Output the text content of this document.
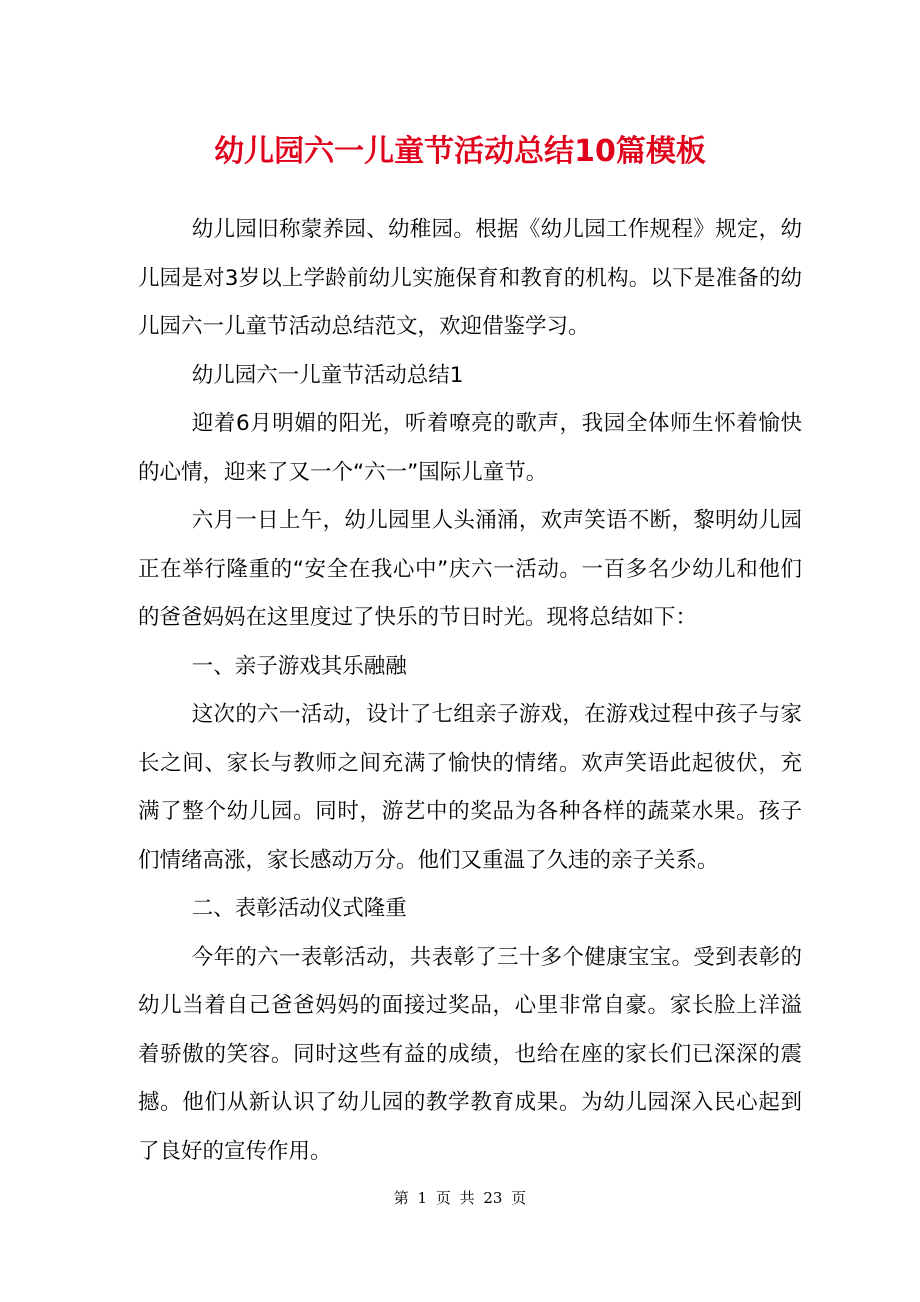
幼儿园六一儿童节活动总结10篇模板

幼儿园旧称蒙养园、幼稚园。根据《幼儿园工作规程》规定，幼儿园是对3岁以上学龄前幼儿实施保育和教育的机构。以下是准备的幼儿园六一儿童节活动总结范文，欢迎借鉴学习。

幼儿园六一儿童节活动总结1

迎着6月明媚的阳光，听着嘹亮的歌声，我园全体师生怀着愉快的心情，迎来了又一个“六一”国际儿童节。

六月一日上午，幼儿园里人头涌涌，欢声笑语不断，黎明幼儿园正在举行隆重的“安全在我心中”庆六一活动。一百多名少幼儿和他们的爸爸妈妈在这里度过了快乐的节日时光。现将总结如下：

一、亲子游戏其乐融融

这次的六一活动，设计了七组亲子游戏，在游戏过程中孩子与家长之间、家长与教师之间充满了愉快的情绪。欢声笑语此起彼伏，充满了整个幼儿园。同时，游艺中的奖品为各种各样的蔬菜水果。孩子们情绪高涨，家长感动万分。他们又重温了久违的亲子关系。

二、表彰活动仪式隆重

今年的六一表彰活动，共表彰了三十多个健康宝宝。受到表彰的幼儿当着自己爸爸妈妈的面接过奖品，心里非常自豪。家长脸上洋溢着骄傲的笑容。同时这些有益的成绩，也给在座的家长们已深深的震撼。他们从新认识了幼儿园的教学教育成果。为幼儿园深入民心起到了良好的宣传作用。

第 1 页 共 23 页
